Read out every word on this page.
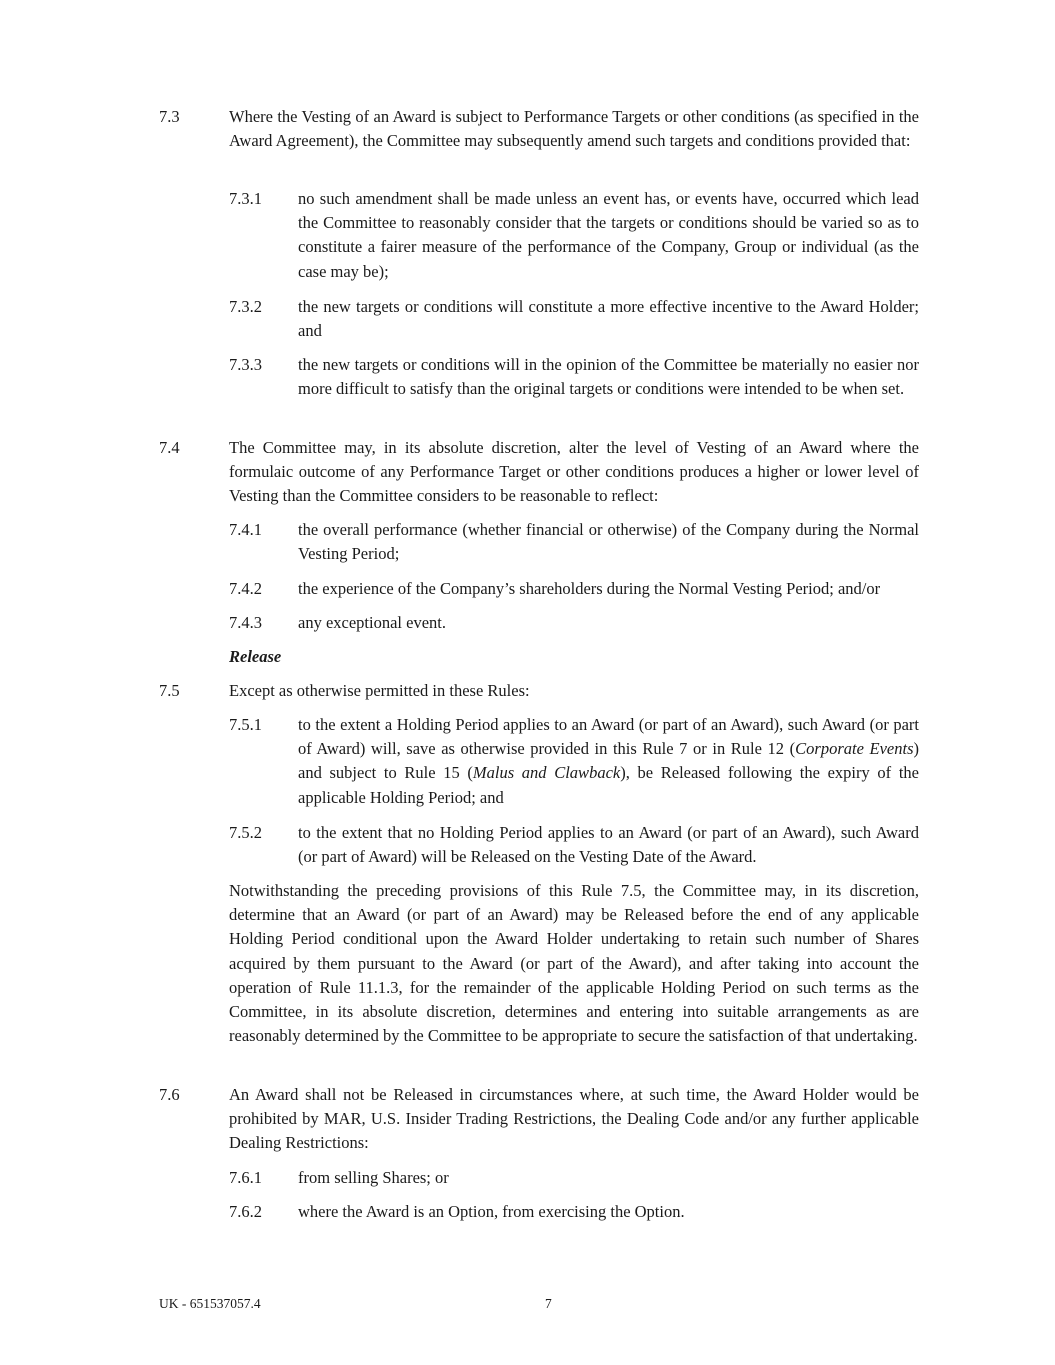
7.3	Where the Vesting of an Award is subject to Performance Targets or other conditions (as specified in the Award Agreement), the Committee may subsequently amend such targets and conditions provided that:
7.3.1 no such amendment shall be made unless an event has, or events have, occurred which lead the Committee to reasonably consider that the targets or conditions should be varied so as to constitute a fairer measure of the performance of the Company, Group or individual (as the case may be);
7.3.2 the new targets or conditions will constitute a more effective incentive to the Award Holder; and
7.3.3 the new targets or conditions will in the opinion of the Committee be materially no easier nor more difficult to satisfy than the original targets or conditions were intended to be when set.
7.4	The Committee may, in its absolute discretion, alter the level of Vesting of an Award where the formulaic outcome of any Performance Target or other conditions produces a higher or lower level of Vesting than the Committee considers to be reasonable to reflect:
7.4.1 the overall performance (whether financial or otherwise) of the Company during the Normal Vesting Period;
7.4.2 the experience of the Company’s shareholders during the Normal Vesting Period; and/or
7.4.3 any exceptional event.
Release
7.5	Except as otherwise permitted in these Rules:
7.5.1 to the extent a Holding Period applies to an Award (or part of an Award), such Award (or part of Award) will, save as otherwise provided in this Rule 7 or in Rule 12 (Corporate Events) and subject to Rule 15 (Malus and Clawback), be Released following the expiry of the applicable Holding Period; and
7.5.2 to the extent that no Holding Period applies to an Award (or part of an Award), such Award (or part of Award) will be Released on the Vesting Date of the Award.
Notwithstanding the preceding provisions of this Rule 7.5, the Committee may, in its discretion, determine that an Award (or part of an Award) may be Released before the end of any applicable Holding Period conditional upon the Award Holder undertaking to retain such number of Shares acquired by them pursuant to the Award (or part of the Award), and after taking into account the operation of Rule 11.1.3, for the remainder of the applicable Holding Period on such terms as the Committee, in its absolute discretion, determines and entering into suitable arrangements as are reasonably determined by the Committee to be appropriate to secure the satisfaction of that undertaking.
7.6	An Award shall not be Released in circumstances where, at such time, the Award Holder would be prohibited by MAR, U.S. Insider Trading Restrictions, the Dealing Code and/or any further applicable Dealing Restrictions:
7.6.1 from selling Shares; or
7.6.2 where the Award is an Option, from exercising the Option.
UK - 651537057.4	7
